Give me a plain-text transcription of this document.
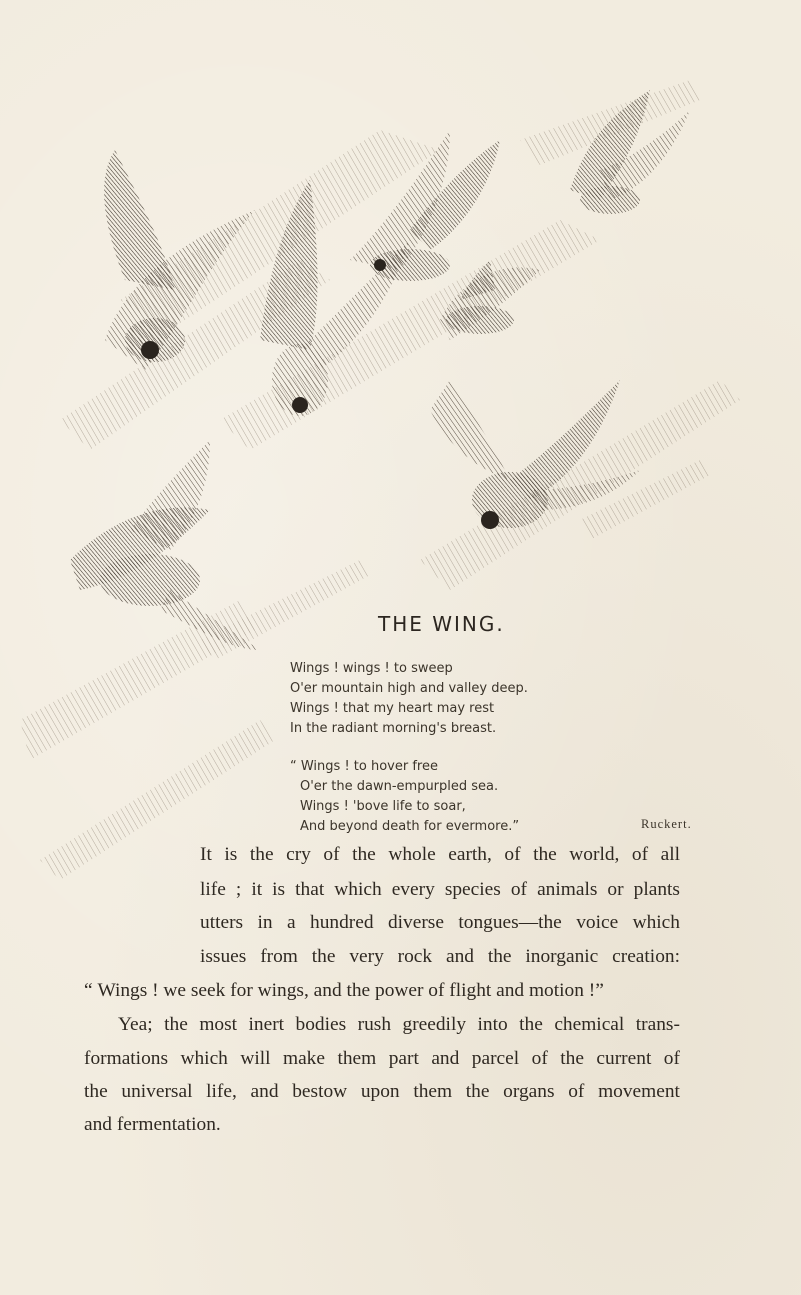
THE WING.

Wings ! wings ! to sweep
O'er mountain high and valley deep.
Wings ! that my heart may rest
In the radiant morning's breast.

“ Wings ! to hover free
O'er the dawn-empurpled sea.
Wings ! 'bove life to soar,
And beyond death for evermore.”	Ruckert.
It is the cry of the whole earth, of the world, of all
life ; it is that which every species of animals or plants
utters in a hundred diverse tongues—the voice which
issues from the very rock and the inorganic creation:
“ Wings ! we seek for wings, and the power of flight and motion !”
Yea; the most inert bodies rush greedily into the chemical trans-
formations which will make them part and parcel of the current of
the universal life, and bestow upon them the organs of movement
and fermentation.
